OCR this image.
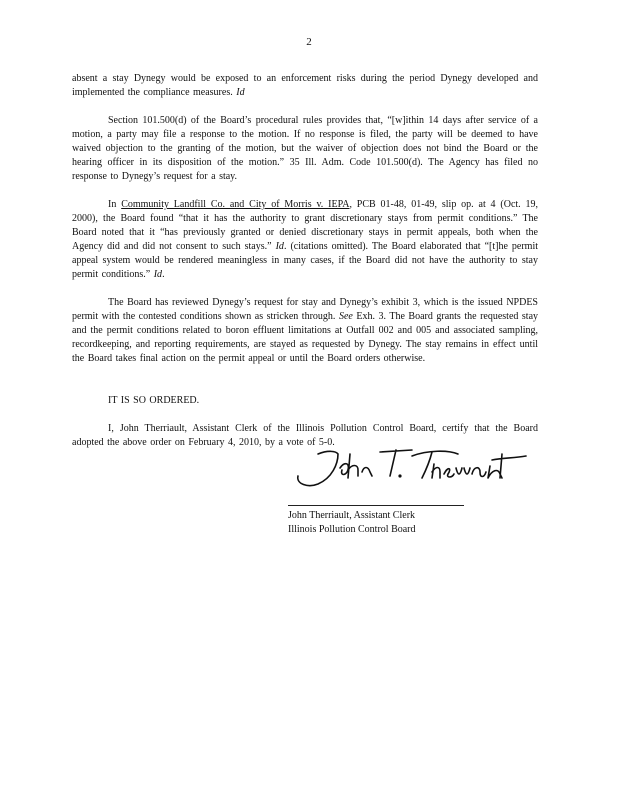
2

absent a stay Dynegy would be exposed to an enforcement risks during the period Dynegy developed and implemented the compliance measures. Id

Section 101.500(d) of the Board’s procedural rules provides that, “[w]ithin 14 days after service of a motion, a party may file a response to the motion. If no response is filed, the party will be deemed to have waived objection to the granting of the motion, but the waiver of objection does not bind the Board or the hearing officer in its disposition of the motion.” 35 Ill. Adm. Code 101.500(d). The Agency has filed no response to Dynegy’s request for a stay.

In Community Landfill Co. and City of Morris v. IEPA, PCB 01-48, 01-49, slip op. at 4 (Oct. 19, 2000), the Board found “that it has the authority to grant discretionary stays from permit conditions.” The Board noted that it “has previously granted or denied discretionary stays in permit appeals, both when the Agency did and did not consent to such stays.” Id. (citations omitted). The Board elaborated that “[t]he permit appeal system would be rendered meaningless in many cases, if the Board did not have the authority to stay permit conditions.” Id.

The Board has reviewed Dynegy’s request for stay and Dynegy’s exhibit 3, which is the issued NPDES permit with the contested conditions shown as stricken through. See Exh. 3. The Board grants the requested stay and the permit conditions related to boron effluent limitations at Outfall 002 and 005 and associated sampling, recordkeeping, and reporting requirements, are stayed as requested by Dynegy. The stay remains in effect until the Board takes final action on the permit appeal or until the Board orders otherwise.

IT IS SO ORDERED.

I, John Therriault, Assistant Clerk of the Illinois Pollution Control Board, certify that the Board adopted the above order on February 4, 2010, by a vote of 5-0.

John Therriault, Assistant Clerk
Illinois Pollution Control Board
